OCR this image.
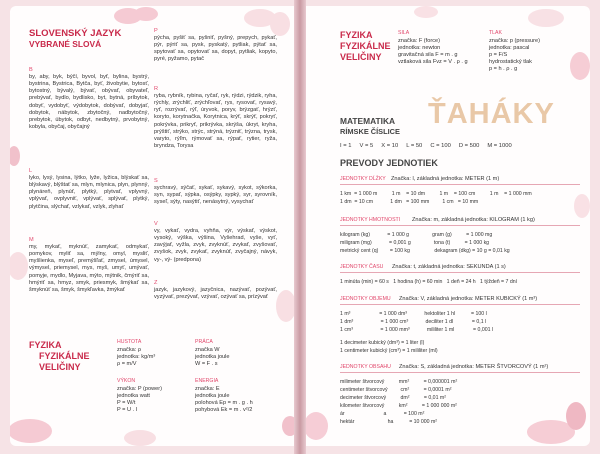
SLOVENSKÝ JAZYK
VYBRANÉ SLOVÁ
B
by, aby, byk, býčí, byvol, byť, bylina, bystrý, bystrina, Bystrica, Bytča, byť, živobytie, bytosť, bytostný, bývalý, bývať, obývať, obyvateľ, prebývať, bydlo, bydlisko, byt, bytná, príbytok, dobyť, vydobyť, výdobytok, dobývať, dobyjať, dobytok, nábytok, zbytočný, nadbytočný, prebytok, úbytok, odbyt, nedbytný, prvobytný, kobyla, obyčaj, obyčajný
L
lyko, lysý, lysina, lýtko, lyže, lyžica, blýskať sa, blýskavý, blýštať sa, mlyn, mlynica, plyn, plynný, plynáreň, plynúť, plytký, plytvať, vplyvný, vplývať, ovplyvniť, vplývať, splývať, plytký, plytčina, slýchať, vzlykať, vzlyk, zlyhať
M
my, mykať, myknúť, zamykať, odmykať, pomykov, myliť sa, mýlny, omyl, mysliť, myšlienka, myseľ, premýšľať, zmysel, úmysel, výmysel, priemysel, mys, myš, umyť, umývať, pomyje, mydlo, Myjava, mýto, mýtnik, čmýriť sa, hmýriť sa, hmyz, smyk, priesmyk, šmýkať sa, šmyknúť sa, šmyk, šmykľavka, žmýkať
P
pýcha, pyšiť sa, pyšniť, pyšný, prepych, pykať, pýr, pýriť sa, pysk, pyskatý, pytliak, pýtať sa, spytovať sa, opytovať sa, dopyt, pytliak, kopyto, pyré, pyžamo, pytač
R
ryba, rybník, rybina, ryčať, ryk, rýdzi, rýdzik, ryha, rýchly, zrýchliť, zrýchľovať, rys, rysovať, rysavý, ryť, rozrývať, rýľ, úryvok, poryv, brýzgať, hrýzť, koryto, korytnačka, Korytnica, krýť, skrýť, pokryť, pokrývka, prikryť, prikrývka, skrýša, úkryt, kryha, prýštiť, strýko, strýc, strýná, trýzniť, trýzna, trysk, varyto, rýľm, rýmovať sa, rýpať, rytier, ryža, bryndza, Torysa
S
sychravý, sýčať, sykať, sykavý, sykot, sýkorka, syn, sypať, sýpka, osýpky, sypký, syr, syrovník, syseľ, sýty, nasýtiť, nenásytný, vysychať
V
vy, vykať, vydra, vyhňa, výr, výskať, výskot, vysoký, výška, výšina, Vyšehrad, vyše, vyť, zavýjať, vyžla, zvyk, zvyknúť, zvykať, zvyšovať, zvyšok, zvyk, zvykať, zvyknúť, zvyčajný, návyk, vy-, vý- (predpona)
Z
jazyk, jazykový, jazyčnica, nazývať, pozývať, vyzývať, prezývať, vzývať, ozývať sa, prízývať
FYZIKA
FYZIKÁLNE
VELIČINY
HUSTOTA
značka: ρ
jednotka: kg/m³
ρ = m/V
VÝKON
značka: P (power)
jednotka watt
P = W/t
P = U . I
PRÁCA
značka W
jednotka joule
W = F . s
ENERGIA
značka: E
jednotka joule
polohová Ep = m . g . h
pohybová Ek = m . v²/2
FYZIKA
FYZIKÁLNE
VELIČINY
SILA
značka: F (force)
jednotka: newton
gravitačná sila F = m . g
vztlaková sila Fvz = V . ρ . g
TLAK
značka: p (pressure)
jednotka: pascal
p = F/S
hydrostatický tlak
p = h . ρ . g
ŤAHÁKY
MATEMATIKA
RÍMSKE ČÍSLICE
I = 1     V = 5     X = 10     L = 50     C = 100     D = 500     M = 1000
PREVODY JEDNOTIEK
JEDNOTKY DĹŽKY Značka: l, základná jednotka: METER (1 m)
1 km  = 1 000 m          1 m    = 10 dm          1 m    = 100 cm          1 m    = 1 000 mm
1 dm  = 10 cm            1 dm   = 100 mm         1 cm   = 10 mm
JEDNOTKY HMOTNOSTI Značka: m, základná jednotka: KILOGRAM (1 kg)
kilogram (kg)            = 1 000 g                gram (g)          = 1 000 mg
miligram (mg)            = 0,001 g                tona (t)          = 1 000 kg
metrický cent (q)        = 100 kg                 dekagram (dkg) = 10 g = 0,01 kg
JEDNOTKY ČASU Značka: t, základná jednotka: SEKUNDA (1 s)
1 minúta (min) = 60 s   1 hodina (h) = 60 min   1 deň = 24 h   1 týždeň = 7 dní
JEDNOTKY OBJEMU Značka: V, základná jednotka: METER KUBICKÝ (1 m³)
1 m³                    = 1 000 dm³            hektoliter 1 hl           = 100 l
1 dm³                   = 1 000 cm³            deciliter 1 dl             = 0,1 l
1 cm³                   = 1 000 mm³            mililiter 1 ml             = 0,001 l
1 decimeter kubický (dm³) = 1 liter (l)
1 centimeter kubický (cm³) = 1 mililiter (ml)
JEDNOTKY OBSAHU Značka: S, základná jednotka: METER ŠTVORCOVÝ (1 m²)
milimeter štvorcový          mm²          = 0,000001 m²
centimeter štvorcový         cm²          = 0,0001 m²
decimeter štvorcový          dm²          = 0,01 m²
kilometer štvorcový          km²          = 1 000 000 m²
ár                           a            = 100 m²
hektár                       ha           = 10 000 m²
